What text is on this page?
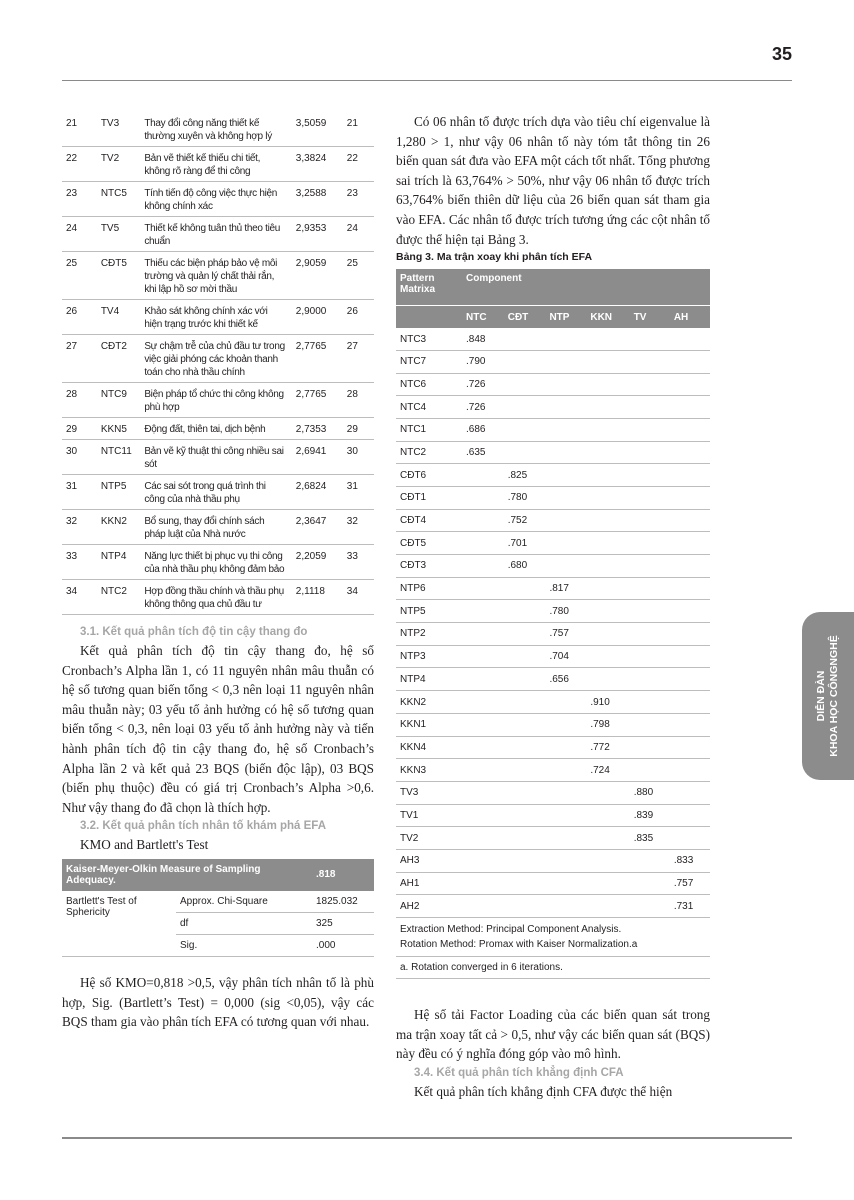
35
21	TV3	Thay đổi công năng thiết kế thường xuyên và không hợp lý	3,5059	21
22	TV2	Bản vẽ thiết kế thiếu chi tiết, không rõ ràng để thi công	3,3824	22
23	NTC5	Tính tiến độ công việc thực hiện không chính xác	3,2588	23
24	TV5	Thiết kế không tuân thủ theo tiêu chuẩn	2,9353	24
25	CĐT5	Thiếu các biện pháp bảo vệ môi trường và quản lý chất thải rắn, khi lập hồ sơ mời thầu	2,9059	25
26	TV4	Khảo sát không chính xác với hiện trạng trước khi thiết kế	2,9000	26
27	CĐT2	Sự chậm trễ của chủ đầu tư trong việc giải phóng các khoản thanh toán cho nhà thầu chính	2,7765	27
28	NTC9	Biện pháp tổ chức thi công không phù hợp	2,7765	28
29	KKN5	Động đất, thiên tai, dịch bệnh	2,7353	29
30	NTC11	Bản vẽ kỹ thuật thi công nhiều sai sót	2,6941	30
31	NTP5	Các sai sót trong quá trình thi công của nhà thầu phụ	2,6824	31
32	KKN2	Bổ sung, thay đổi chính sách pháp luật của Nhà nước	2,3647	32
33	NTP4	Năng lực thiết bị phục vụ thi công của nhà thầu phụ không đảm bảo	2,2059	33
34	NTC2	Hợp đồng thầu chính và thầu phụ không thông qua chủ đầu tư	2,1118	34
3.1. Kết quả phân tích độ tin cậy thang đo

Kết quả phân tích độ tin cậy thang đo, hệ số Cronbach’s Alpha lần 1, có 11 nguyên nhân mâu thuẫn có hệ số tương quan biến tổng < 0,3 nên loại 11 nguyên nhân mâu thuẫn này; 03 yếu tố ảnh hưởng có hệ số tương quan biến tổng < 0,3, nên loại 03 yếu tố ảnh hưởng này và tiến hành phân tích độ tin cậy thang đo, hệ số Cronbach’s Alpha lần 2 và kết quả 23 BQS (biến độc lập), 03 BQS (biến phụ thuộc) đều có giá trị Cronbach’s Alpha >0,6. Như vậy thang đo đã chọn là thích hợp.

3.2. Kết quả phân tích nhân tố khám phá EFA

KMO and Bartlett's Test

Kaiser-Meyer-Olkin Measure of Sampling Adequacy.		.818
Bartlett's Test of Sphericity	Approx. Chi-Square	1825.032
	df	325
	Sig.	.000

Hệ số KMO=0,818 >0,5, vậy phân tích nhân tố là phù hợp, Sig. (Bartlett’s Test) = 0,000 (sig <0,05), vậy các BQS tham gia vào phân tích EFA có tương quan với nhau.

Có 06 nhân tố được trích dựa vào tiêu chí eigenvalue là 1,280 > 1, như vậy 06 nhân tố này tóm tắt thông tin 26 biến quan sát đưa vào EFA một cách tốt nhất. Tổng phương sai trích là 63,764% > 50%, như vậy 06 nhân tố được trích 63,764% biến thiên dữ liệu của 26 biến quan sát tham gia vào EFA. Các nhân tố được trích tương ứng các cột nhân tố được thể hiện tại Bảng 3.

Bảng 3. Ma trận xoay khi phân tích EFA
Pattern Matrixa	Component					

	NTC	CĐT	NTP	KKN	TV	AH
NTC3	.848					
NTC7	.790					
NTC6	.726					
NTC4	.726					
NTC1	.686					
NTC2	.635					
CĐT6		.825				
CĐT1		.780				
CĐT4		.752				
CĐT5		.701				
CĐT3		.680				
NTP6			.817			
NTP5			.780			
NTP2			.757			
NTP3			.704			
NTP4			.656			
KKN2				.910		
KKN1				.798		
KKN4				.772		
KKN3				.724		
TV3					.880	
TV1					.839	
TV2					.835	
AH3						.833
AH1						.757
AH2						.731
Extraction Method: Principal Component Analysis.
Rotation Method: Promax with Kaiser Normalization.a
a. Rotation converged in 6 iterations.

Hệ số tải Factor Loading của các biến quan sát trong ma trận xoay tất cả > 0,5, như vậy các biến quan sát (BQS) này đều có ý nghĩa đóng góp vào mô hình.

3.4. Kết quả phân tích khẳng định CFA

Kết quả phân tích khẳng định CFA được thể hiện

DIỄN ĐÀN KHOA HỌC CÔNGNGHỆ
